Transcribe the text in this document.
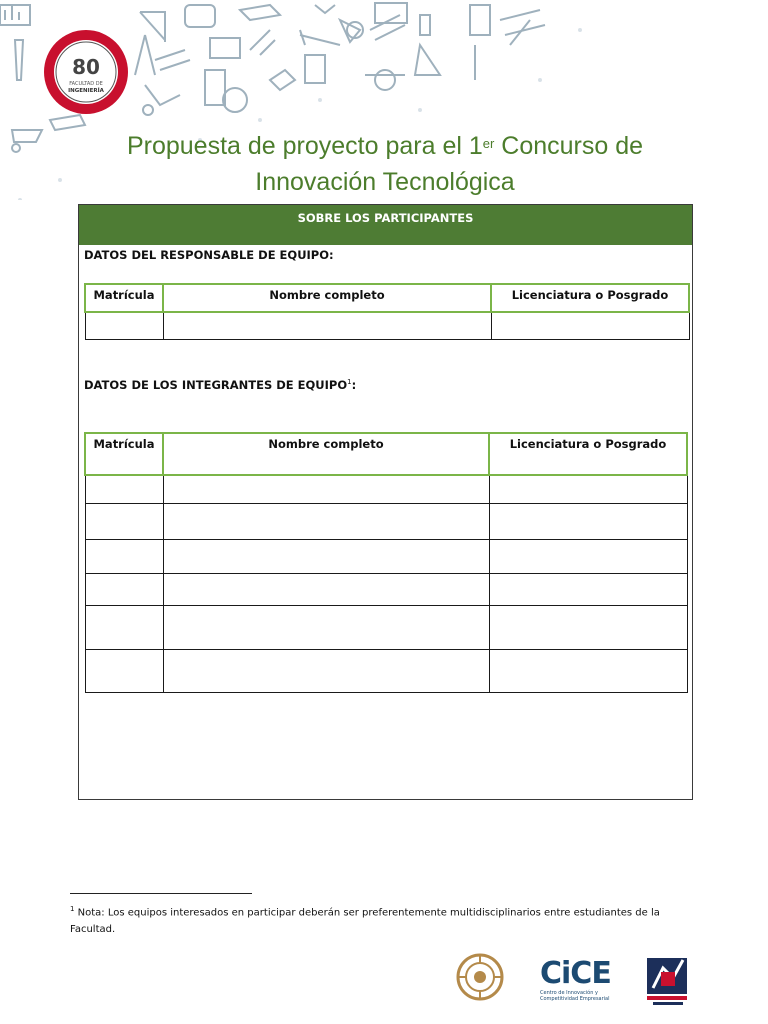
80
FACULTAD DE
INGENIERÍA
Propuesta de proyecto para el 1er Concurso de
Innovación Tecnológica
SOBRE LOS PARTICIPANTES
DATOS DEL RESPONSABLE DE EQUIPO:
Matrícula	Nombre completo	Licenciatura o Posgrado

DATOS DE LOS INTEGRANTES DE EQUIPO$^1$:
Matrícula	Nombre completo	Licenciatura o Posgrado

$^1$ Nota: Los equipos interesados en participar deberán ser preferentemente multidisciplinarios entre estudiantes de la Facultad.
CiCE
Centro de Innovación y
Competitividad Empresarial
